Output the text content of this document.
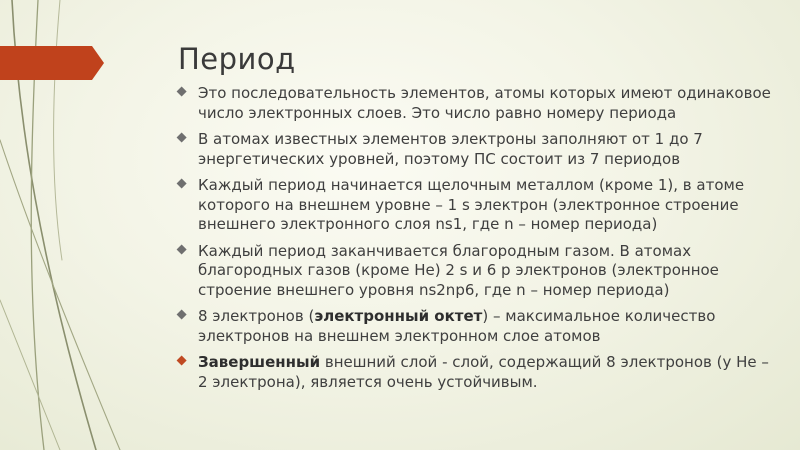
Период
⯁ Это последовательность элементов, атомы которых имеют одинаковое число электронных слоев. Это число равно номеру периода
⯁ В атомах известных элементов электроны заполняют от 1 до 7 энергетических уровней, поэтому ПС состоит из 7 периодов
⯁ Каждый период начинается щелочным металлом (кроме 1), в атоме которого на внешнем уровне – 1 s электрон (электронное строение внешнего электронного слоя ns1, где n – номер периода)
⯁ Каждый период заканчивается благородным газом. В атомах благородных газов (кроме He) 2 s и 6 p электронов (электронное строение внешнего уровня ns2np6, где n – номер периода)
⯁ 8 электронов (электронный октет) – максимальное количество электронов на внешнем электронном слое атомов
⯁ Завершенный внешний слой - слой, содержащий 8 электронов (у He – 2 электрона), является очень устойчивым.
